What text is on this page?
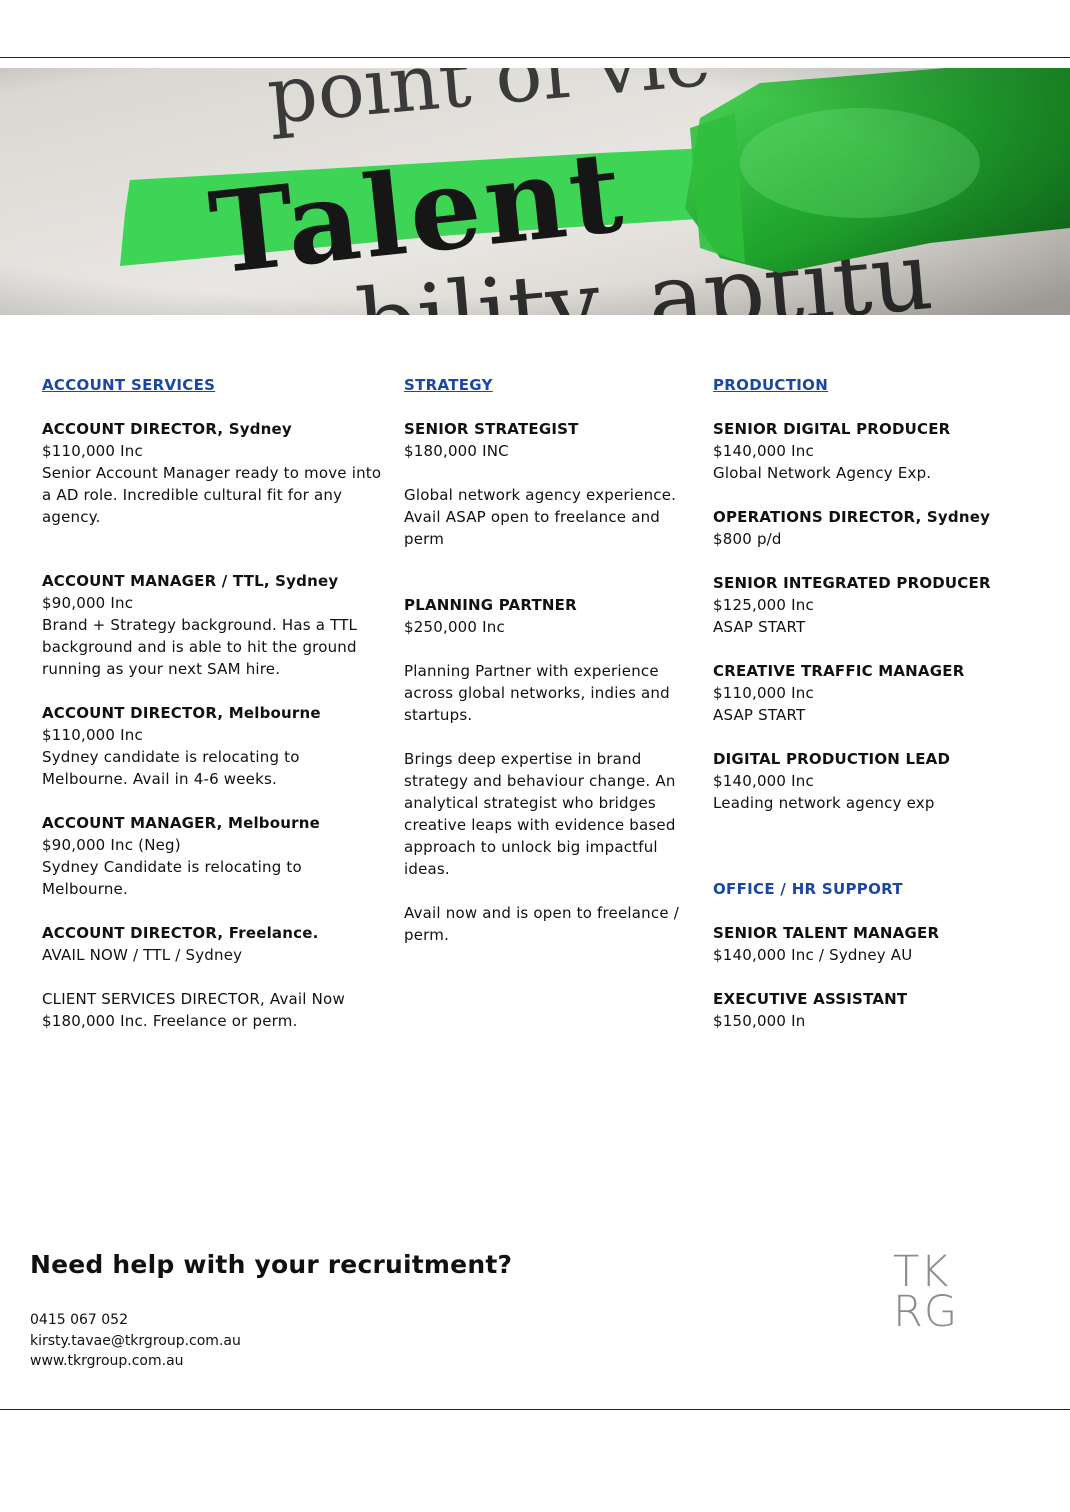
ACCOUNT SERVICES
ACCOUNT DIRECTOR, Sydney
$110,000 Inc
Senior Account Manager ready to move into a AD role. Incredible cultural fit for any agency.
ACCOUNT MANAGER / TTL, Sydney
$90,000 Inc
Brand + Strategy background. Has a TTL background and is able to hit the ground running as your next SAM hire.
ACCOUNT DIRECTOR, Melbourne
$110,000 Inc
Sydney candidate is relocating to Melbourne. Avail in 4-6 weeks.
ACCOUNT MANAGER, Melbourne
$90,000 Inc (Neg)
Sydney Candidate is relocating to Melbourne.
ACCOUNT DIRECTOR, Freelance.
AVAIL NOW / TTL / Sydney
CLIENT SERVICES DIRECTOR, Avail Now
$180,000 Inc. Freelance or perm.
STRATEGY
SENIOR STRATEGIST
$180,000 INC
Global network agency experience. Avail ASAP open to freelance and perm
PLANNING PARTNER
$250,000 Inc
Planning Partner with experience across global networks, indies and startups.
Brings deep expertise in brand strategy and behaviour change. An analytical strategist who bridges creative leaps with evidence based approach to unlock big impactful ideas.
Avail now and is open to freelance / perm.
PRODUCTION
SENIOR DIGITAL PRODUCER
$140,000 Inc
Global Network Agency Exp.
OPERATIONS DIRECTOR, Sydney
$800 p/d
SENIOR INTEGRATED PRODUCER
$125,000 Inc
ASAP START
CREATIVE TRAFFIC MANAGER
$110,000 Inc
ASAP START
DIGITAL PRODUCTION LEAD
$140,000 Inc
Leading network agency exp
OFFICE / HR SUPPORT
SENIOR TALENT MANAGER
$140,000 Inc / Sydney AU
EXECUTIVE ASSISTANT
$150,000 In
Need help with your recruitment?
0415 067 052
kirsty.tavae@tkrgroup.com.au
www.tkrgroup.com.au
TK
RG
